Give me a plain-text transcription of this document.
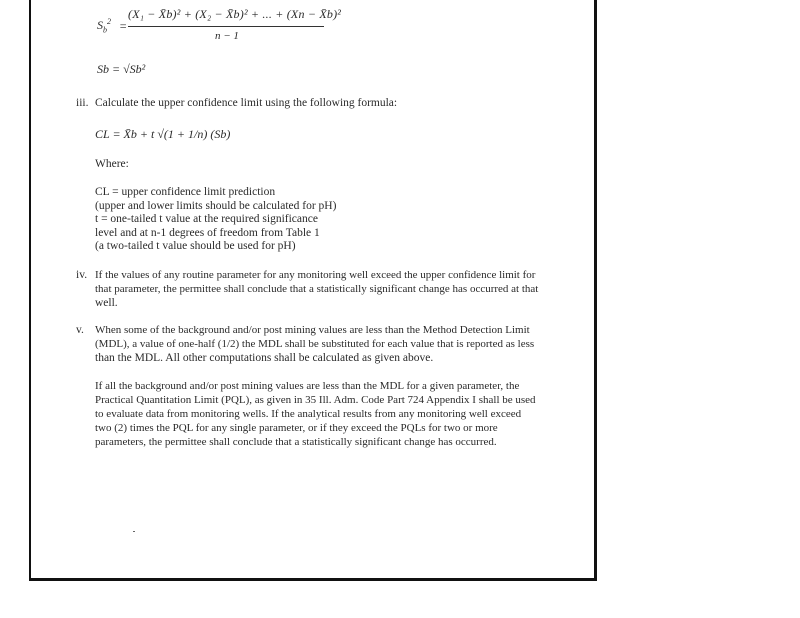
$S_b^2$ =
(X₁ − X̄b)² + (X₂ − X̄b)² + ... + (Xn − X̄b)²
n − 1
Sb = √Sb²
iii. Calculate the upper confidence limit using the following formula:
CL = X̄b + t √(1 + 1/n) (Sb)
Where:
CL = upper confidence limit prediction
(upper and lower limits should be calculated for pH)
t = one-tailed t value at the required significance
level and at n-1 degrees of freedom from Table 1
(a two-tailed t value should be used for pH)
iv. If the values of any routine parameter for any monitoring well exceed the upper confidence limit for
that parameter, the permittee shall conclude that a statistically significant change has occurred at that
well.
v. When some of the background and/or post mining values are less than the Method Detection Limit
(MDL), a value of one-half (1/2) the MDL shall be substituted for each value that is reported as less
than the MDL. All other computations shall be calculated as given above.
If all the background and/or post mining values are less than the MDL for a given parameter, the
Practical Quantitation Limit (PQL), as given in 35 Ill. Adm. Code Part 724 Appendix I shall be used
to evaluate data from monitoring wells. If the analytical results from any monitoring well exceed
two (2) times the PQL for any single parameter, or if they exceed the PQLs for two or more
parameters, the permittee shall conclude that a statistically significant change has occurred.
